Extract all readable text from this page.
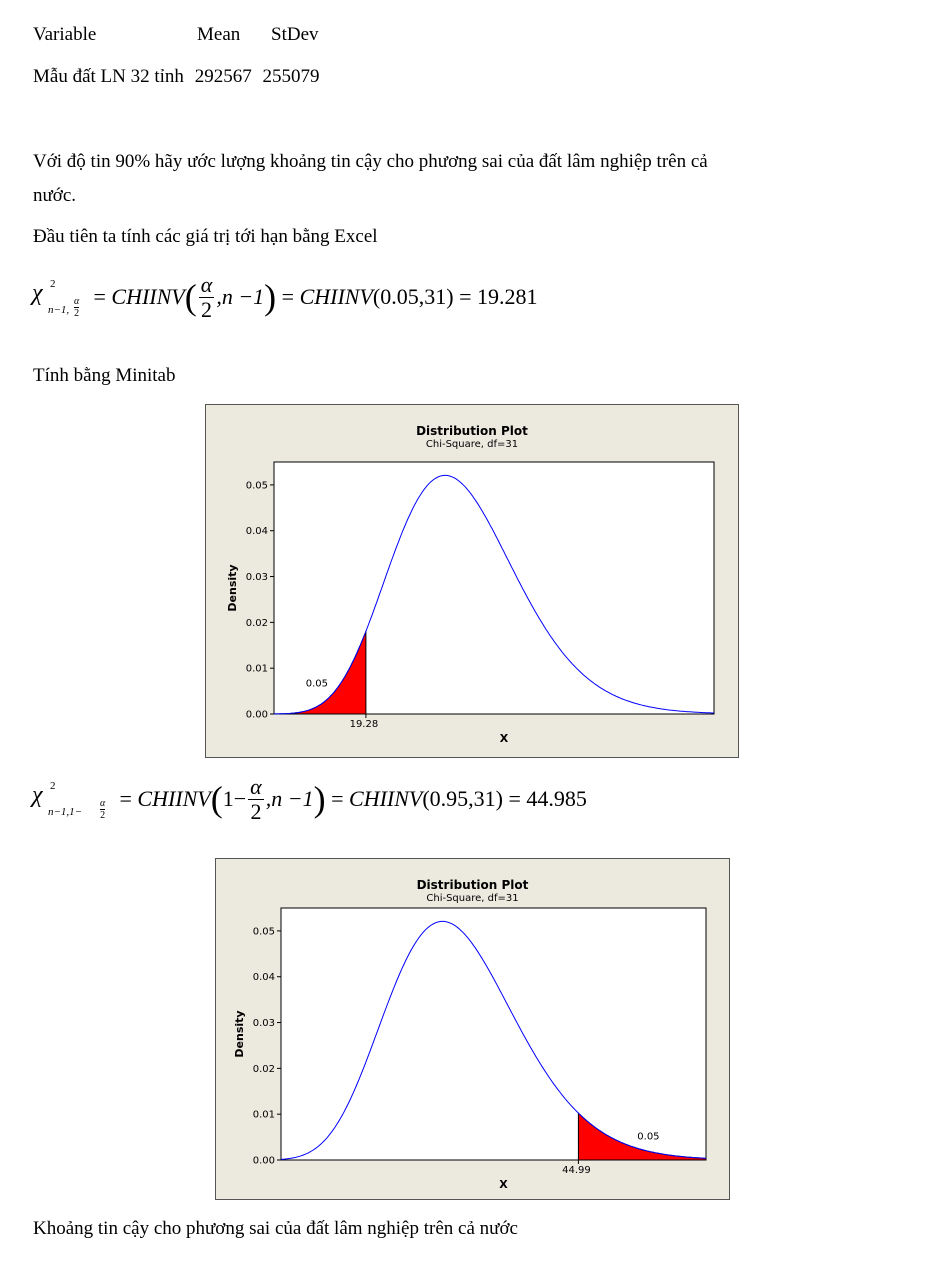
Variable	Mean StDev
Mẫu đất LN 32 tỉnh 292567 255079
Với độ tin 90% hãy ước lượng khoảng tin cậy cho phương sai của đất lâm nghiệp trên cả
nước.
Đầu tiên ta tính các giá trị tới hạn bằng Excel
χ 2
n−1,
α
2
= CHIINV( $\frac{\alpha}{2} ,n -1$) = CHIINV(0.05,31) = 19.281
Tính bằng Minitab
Distribution Plot
Chi-Square, df=31
0.00
0.01
0.02
0.03
0.04
0.05
Density
X
19.28
0.05
χ 2
n−1,1−
α
2
= CHIINV(1− $\frac{\alpha}{2} ,n -1$) = CHIINV(0.95,31) = 44.985
Distribution Plot
Chi-Square, df=31
0.00
0.01
0.02
0.03
0.04
0.05
Density
X
44.99
0.05
Khoảng tin cậy cho phương sai của đất lâm nghiệp trên cả nước
